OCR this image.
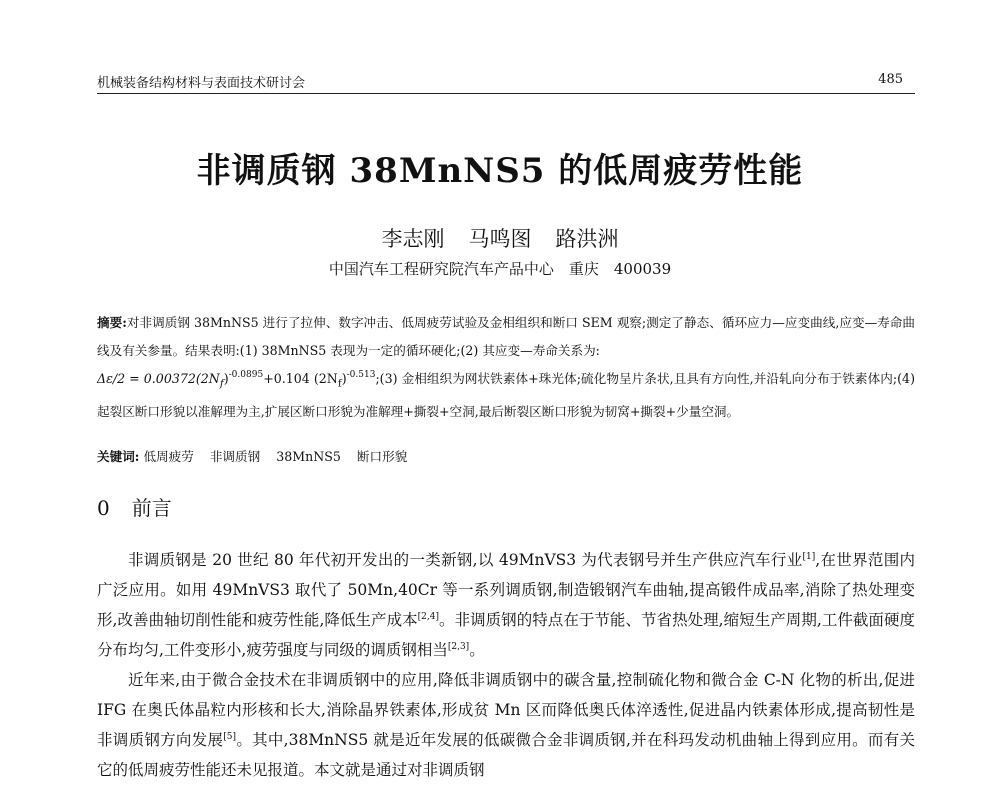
机械装备结构材料与表面技术研讨会	485
非调质钢 38MnNS5 的低周疲劳性能
李志刚 马鸣图 路洪洲
中国汽车工程研究院汽车产品中心　重庆　400039
摘要:对非调质钢 38MnNS5 进行了拉伸、数字冲击、低周疲劳试验及金相组织和断口 SEM 观察;测定了静态、循环应力—应变曲线,应变—寿命曲线及有关参量。结果表明:(1) 38MnNS5 表现为一定的循环硬化;(2) 其应变—寿命关系为:
$\Delta\varepsilon/2 = 0.00372(2N_f)^{-0.0895}+0.104$ $(2N_f)^{-0.513};(3)$ 金相组织为网状铁素体+珠光体;硫化物呈片条状,且具有方向性,并沿轧向分布于铁素体内;(4) 起裂区断口形貌以准解理为主,扩展区断口形貌为准解理+撕裂+空洞,最后断裂区断口形貌为韧窝+撕裂+少量空洞。
关键词: 低周疲劳 非调质钢 38MnNS5 断口形貌
0 前言

非调质钢是 20 世纪 80 年代初开发出的一类新钢,以 49MnVS3 为代表钢号并生产供应汽车行业[1],在世界范围内广泛应用。如用 49MnVS3 取代了 50Mn,40Cr 等一系列调质钢,制造锻钢汽车曲轴,提高锻件成品率,消除了热处理变形,改善曲轴切削性能和疲劳性能,降低生产成本[2,4]。非调质钢的特点在于节能、节省热处理,缩短生产周期,工件截面硬度分布均匀,工件变形小,疲劳强度与同级的调质钢相当[2,3]。

近年来,由于微合金技术在非调质钢中的应用,降低非调质钢中的碳含量,控制硫化物和微合金 C-N 化物的析出,促进 IFG 在奥氏体晶粒内形核和长大,消除晶界铁素体,形成贫 Mn 区而降低奥氏体淬透性,促进晶内铁素体形成,提高韧性是非调质钢方向发展[5]。其中,38MnNS5 就是近年发展的低碳微合金非调质钢,并在科玛发动机曲轴上得到应用。而有关它的低周疲劳性能还未见报道。本文就是通过对非调质钢
